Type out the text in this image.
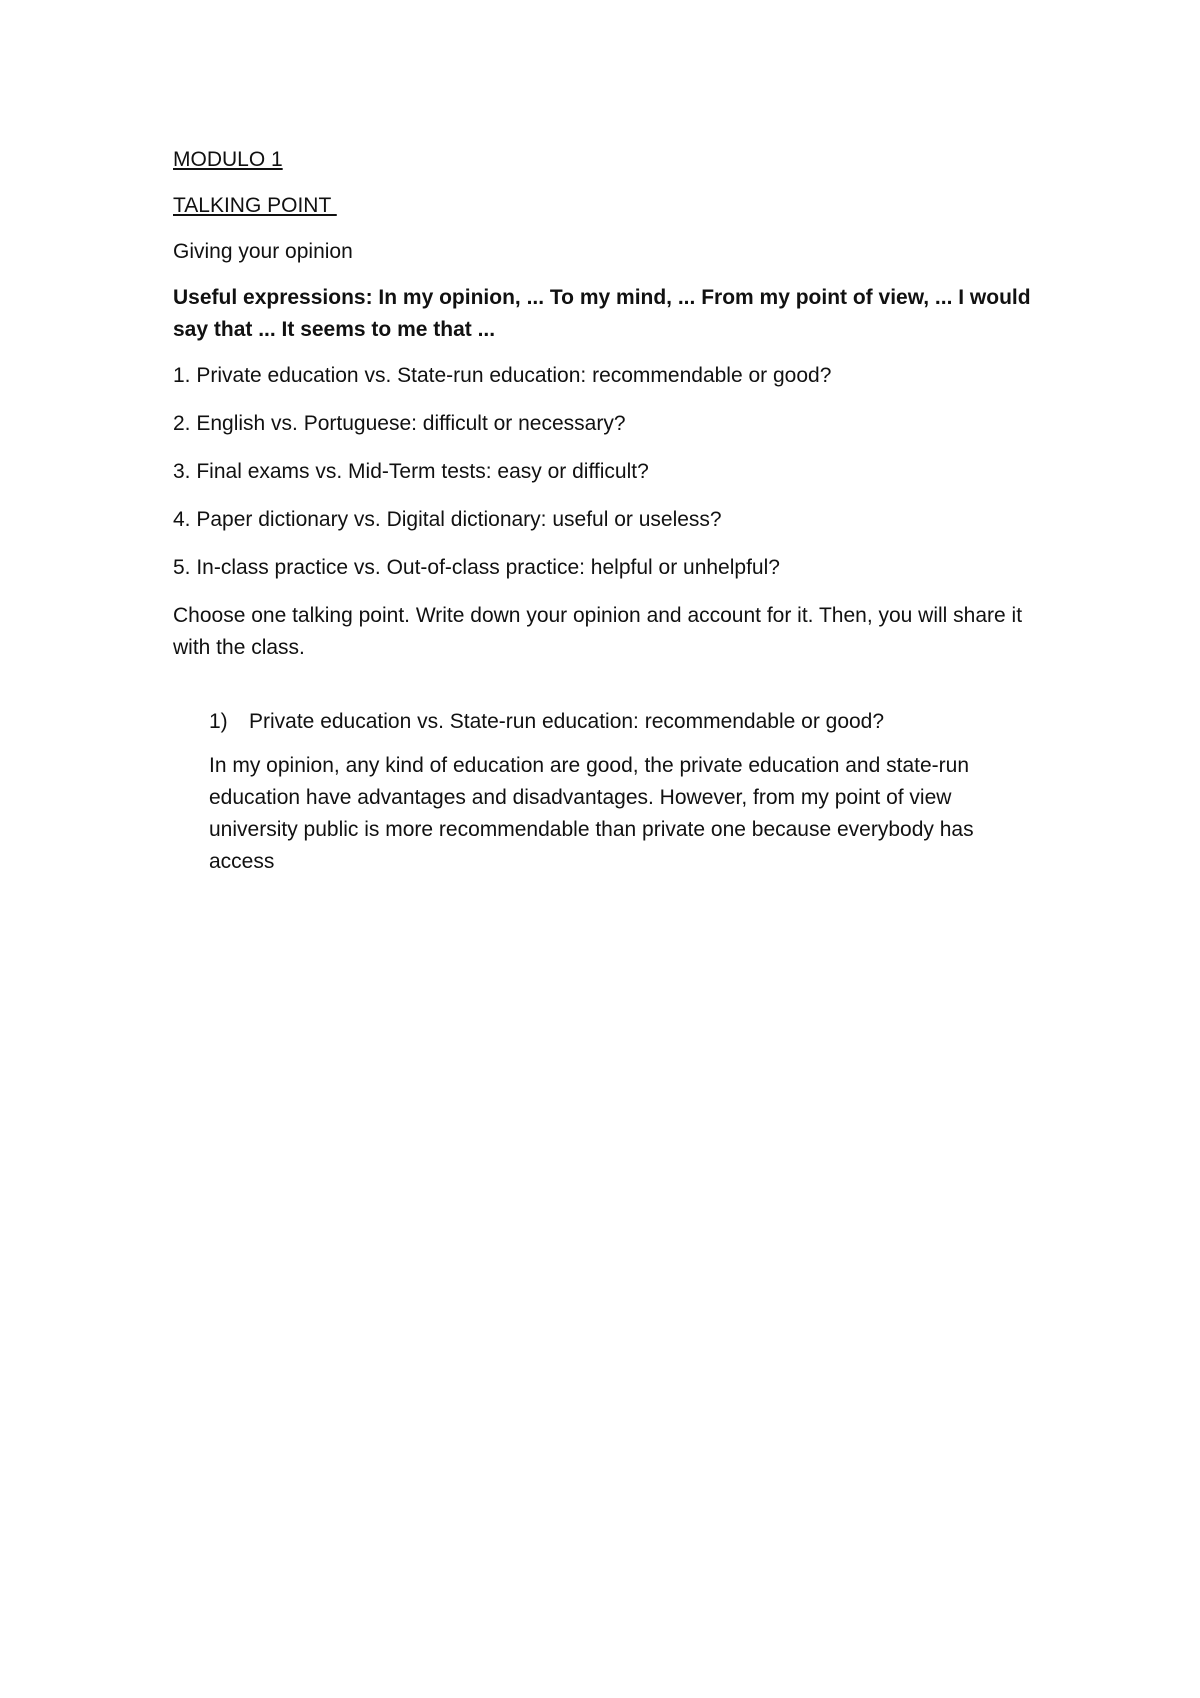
MODULO 1

TALKING POINT

Giving your opinion

Useful expressions: In my opinion, ... To my mind, ... From my point of view, ... I would say that ... It seems to me that ...

1. Private education vs. State-run education: recommendable or good?

2. English vs. Portuguese: difficult or necessary?

3. Final exams vs. Mid-Term tests: easy or difficult?

4. Paper dictionary vs. Digital dictionary: useful or useless?

5. In-class practice vs. Out-of-class practice: helpful or unhelpful?

Choose one talking point. Write down your opinion and account for it. Then, you will share it with the class.

1)	Private education vs. State-run education: recommendable or good?

In my opinion, any kind of education are good, the private education and state-run education have advantages and disadvantages. However, from my point of view university public is more recommendable than private one because everybody has access
